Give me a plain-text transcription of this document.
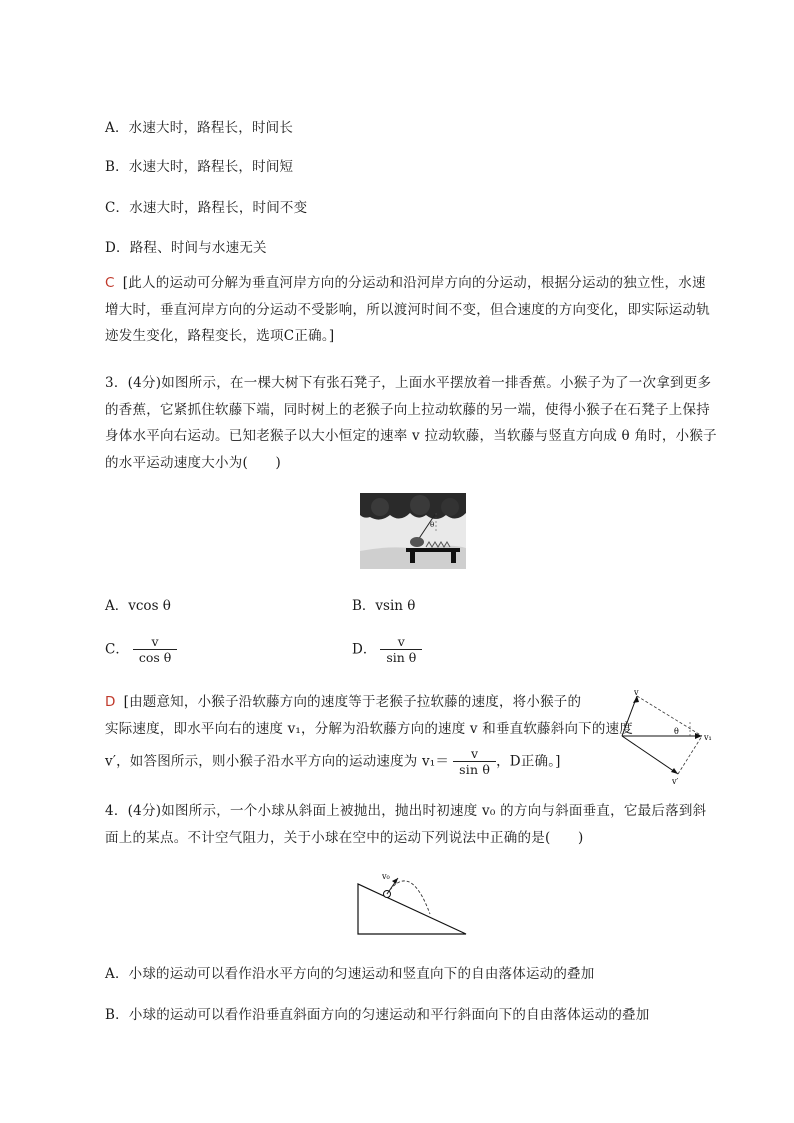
A．水速大时，路程长，时间长
B．水速大时，路程长，时间短
C．水速大时，路程长，时间不变
D．路程、时间与水速无关
C [此人的运动可分解为垂直河岸方向的分运动和沿河岸方向的分运动，根据分运动的独立性，水速增大时，垂直河岸方向的分运动不受影响，所以渡河时间不变，但合速度的方向变化，即实际运动轨迹发生变化，路程变长，选项C正确。]
3．(4分)如图所示，在一棵大树下有张石凳子，上面水平摆放着一排香蕉。小猴子为了一次拿到更多的香蕉，它紧抓住软藤下端，同时树上的老猴子向上拉动软藤的另一端，使得小猴子在石凳子上保持身体水平向右运动。已知老猴子以大小恒定的速率 v 拉动软藤，当软藤与竖直方向成 θ 角时，小猴子的水平运动速度大小为(　　)
θ
A．vcos θ	B．vsin θ
C． $\frac{v}{\text{cos θ}}$	D． $\frac{v}{\text{sin θ}}$
D [由题意知，小猴子沿软藤方向的速度等于老猴子拉软藤的速度，将小猴子的
实际速度，即水平向右的速度 v₁，分解为沿软藤方向的速度 v 和垂直软藤斜向下的速度
v′，如答图所示，则小猴子沿水平方向的运动速度为 $v_1= \frac{v}{\text{sin θ}}$ ，D正确。]
v
θ
v₁
v′
4．(4分)如图所示，一个小球从斜面上被抛出，抛出时初速度 v₀ 的方向与斜面垂直，它最后落到斜面上的某点。不计空气阻力，关于小球在空中的运动下列说法中正确的是(　　)
v₀
A．小球的运动可以看作沿水平方向的匀速运动和竖直向下的自由落体运动的叠加
B．小球的运动可以看作沿垂直斜面方向的匀速运动和平行斜面向下的自由落体运动的叠加
